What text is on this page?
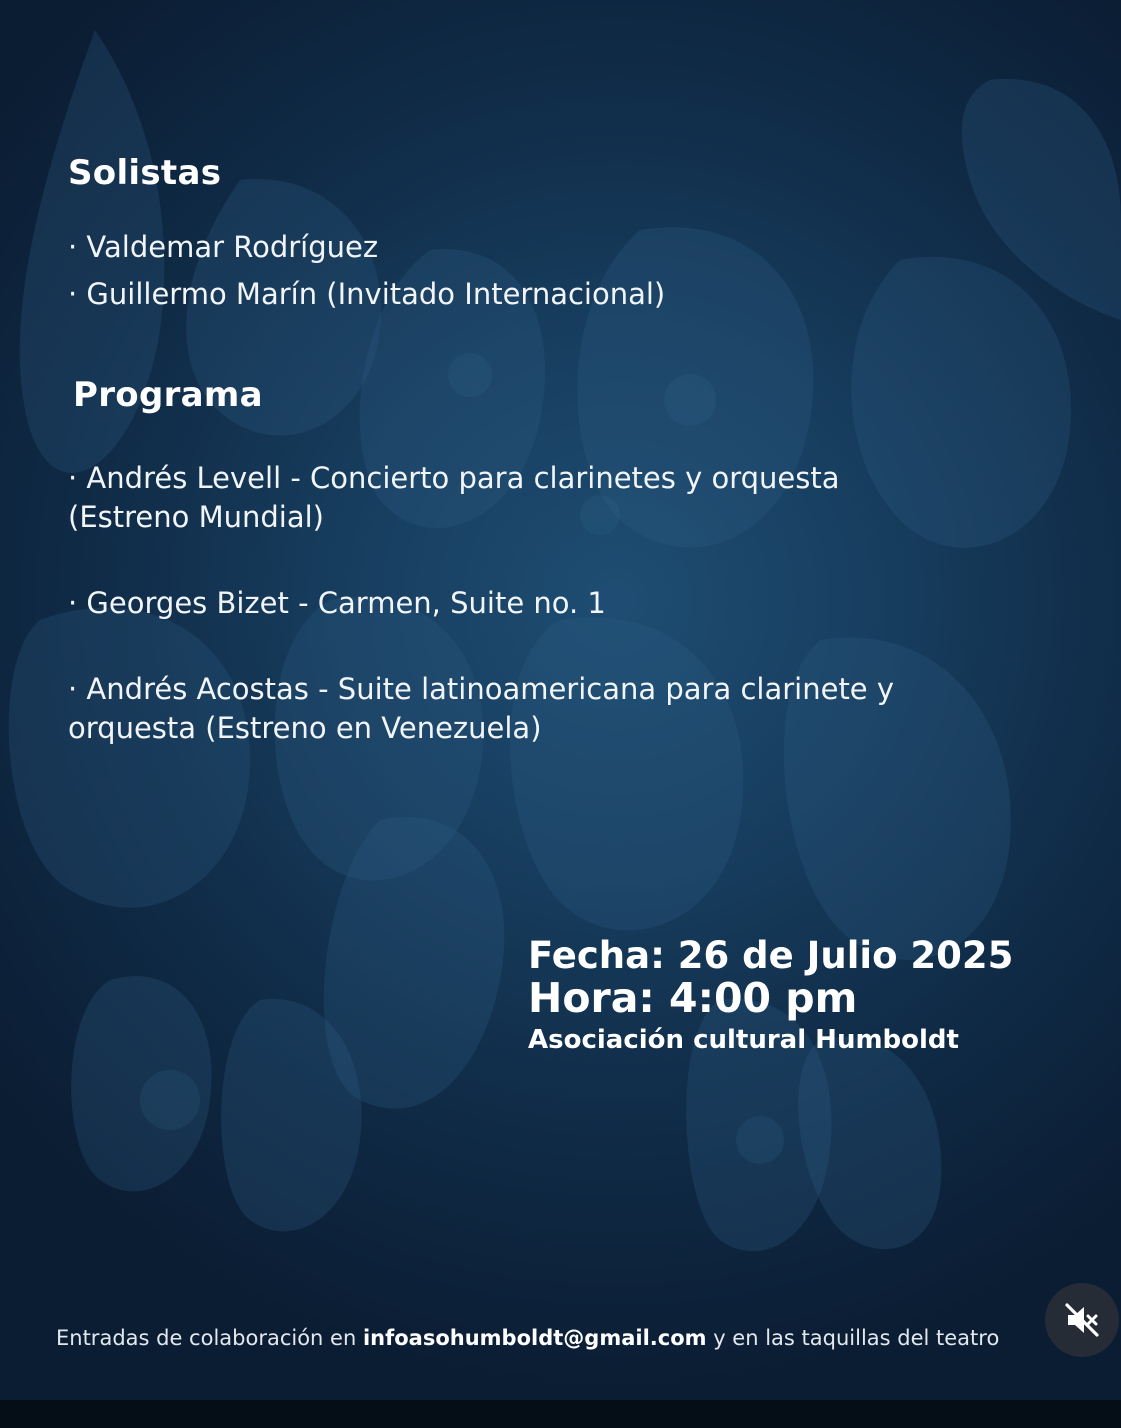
Solistas
· Valdemar Rodríguez
· Guillermo Marín (Invitado Internacional)
Programa
· Andrés Levell - Concierto para clarinetes y orquesta
(Estreno Mundial)
· Georges Bizet - Carmen, Suite no. 1
· Andrés Acostas - Suite latinoamericana para clarinete y
orquesta (Estreno en Venezuela)
Fecha: 26 de Julio 2025
Hora: 4:00 pm
Asociación cultural Humboldt
Entradas de colaboración en infoasohumboldt@gmail.com y en las taquillas del teatro
